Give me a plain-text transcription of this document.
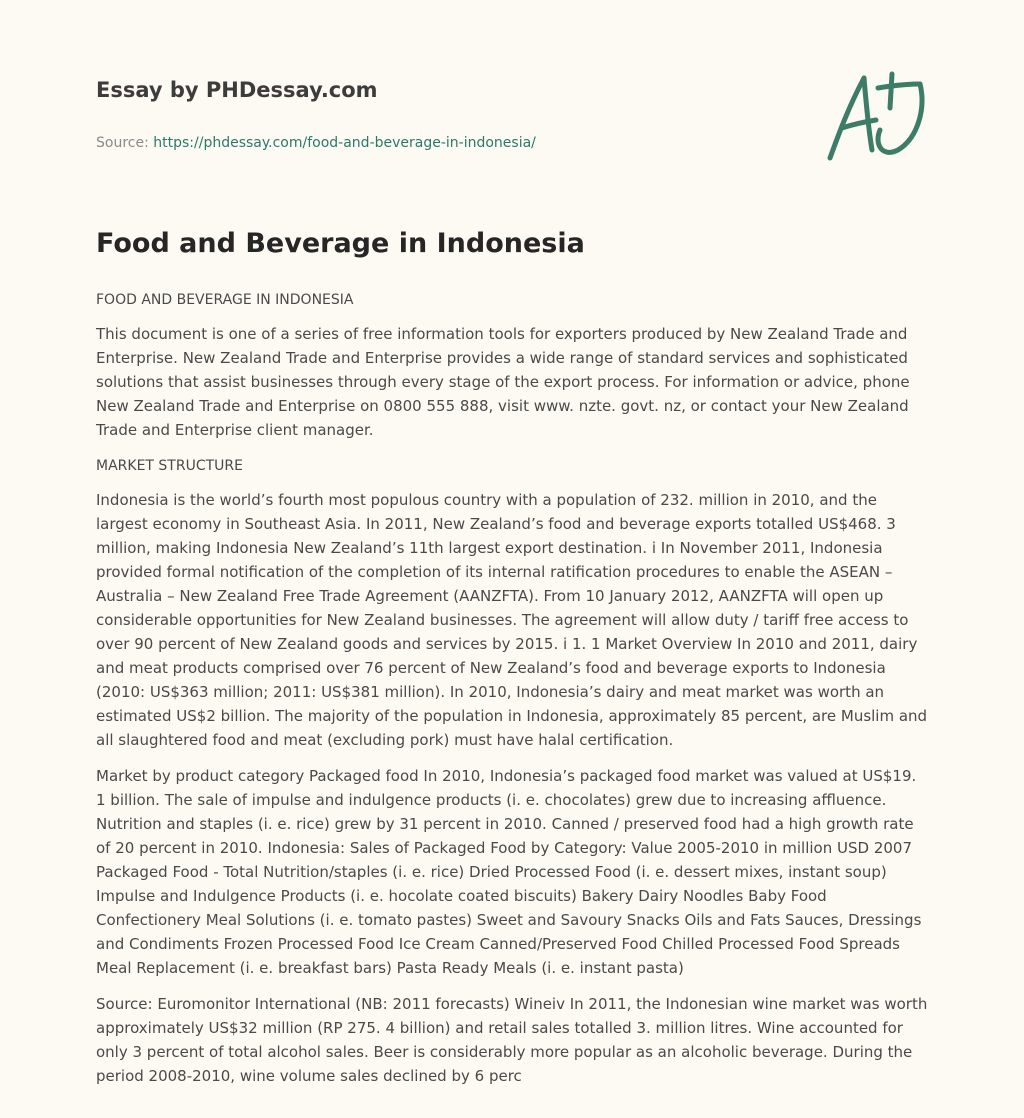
Essay by PHDessay.com
Source: https://phdessay.com/food-and-beverage-in-indonesia/
Food and Beverage in Indonesia

FOOD AND BEVERAGE IN INDONESIA

This document is one of a series of free information tools for exporters produced by New Zealand Trade and Enterprise. New Zealand Trade and Enterprise provides a wide range of standard services and sophisticated solutions that assist businesses through every stage of the export process. For information or advice, phone New Zealand Trade and Enterprise on 0800 555 888, visit www. nzte. govt. nz, or contact your New Zealand Trade and Enterprise client manager.

MARKET STRUCTURE

Indonesia is the world’s fourth most populous country with a population of 232. million in 2010, and the largest economy in Southeast Asia. In 2011, New Zealand’s food and beverage exports totalled US$468. 3 million, making Indonesia New Zealand’s 11th largest export destination. i In November 2011, Indonesia provided formal notification of the completion of its internal ratification procedures to enable the ASEAN – Australia – New Zealand Free Trade Agreement (AANZFTA). From 10 January 2012, AANZFTA will open up considerable opportunities for New Zealand businesses. The agreement will allow duty / tariff free access to over 90 percent of New Zealand goods and services by 2015. i 1. 1 Market Overview In 2010 and 2011, dairy and meat products comprised over 76 percent of New Zealand’s food and beverage exports to Indonesia (2010: US$363 million; 2011: US$381 million). In 2010, Indonesia’s dairy and meat market was worth an estimated US$2 billion. The majority of the population in Indonesia, approximately 85 percent, are Muslim and all slaughtered food and meat (excluding pork) must have halal certification.

Market by product category Packaged food In 2010, Indonesia’s packaged food market was valued at US$19. 1 billion. The sale of impulse and indulgence products (i. e. chocolates) grew due to increasing affluence. Nutrition and staples (i. e. rice) grew by 31 percent in 2010. Canned / preserved food had a high growth rate of 20 percent in 2010. Indonesia: Sales of Packaged Food by Category: Value 2005-2010 in million USD 2007 Packaged Food - Total Nutrition/staples (i. e. rice) Dried Processed Food (i. e. dessert mixes, instant soup) Impulse and Indulgence Products (i. e. hocolate coated biscuits) Bakery Dairy Noodles Baby Food Confectionery Meal Solutions (i. e. tomato pastes) Sweet and Savoury Snacks Oils and Fats Sauces, Dressings and Condiments Frozen Processed Food Ice Cream Canned/Preserved Food Chilled Processed Food Spreads Meal Replacement (i. e. breakfast bars) Pasta Ready Meals (i. e. instant pasta)

Source: Euromonitor International (NB: 2011 forecasts) Wineiv In 2011, the Indonesian wine market was worth approximately US$32 million (RP 275. 4 billion) and retail sales totalled 3. million litres. Wine accounted for only 3 percent of total alcohol sales. Beer is considerably more popular as an alcoholic beverage. During the period 2008-2010, wine volume sales declined by 6 perc
